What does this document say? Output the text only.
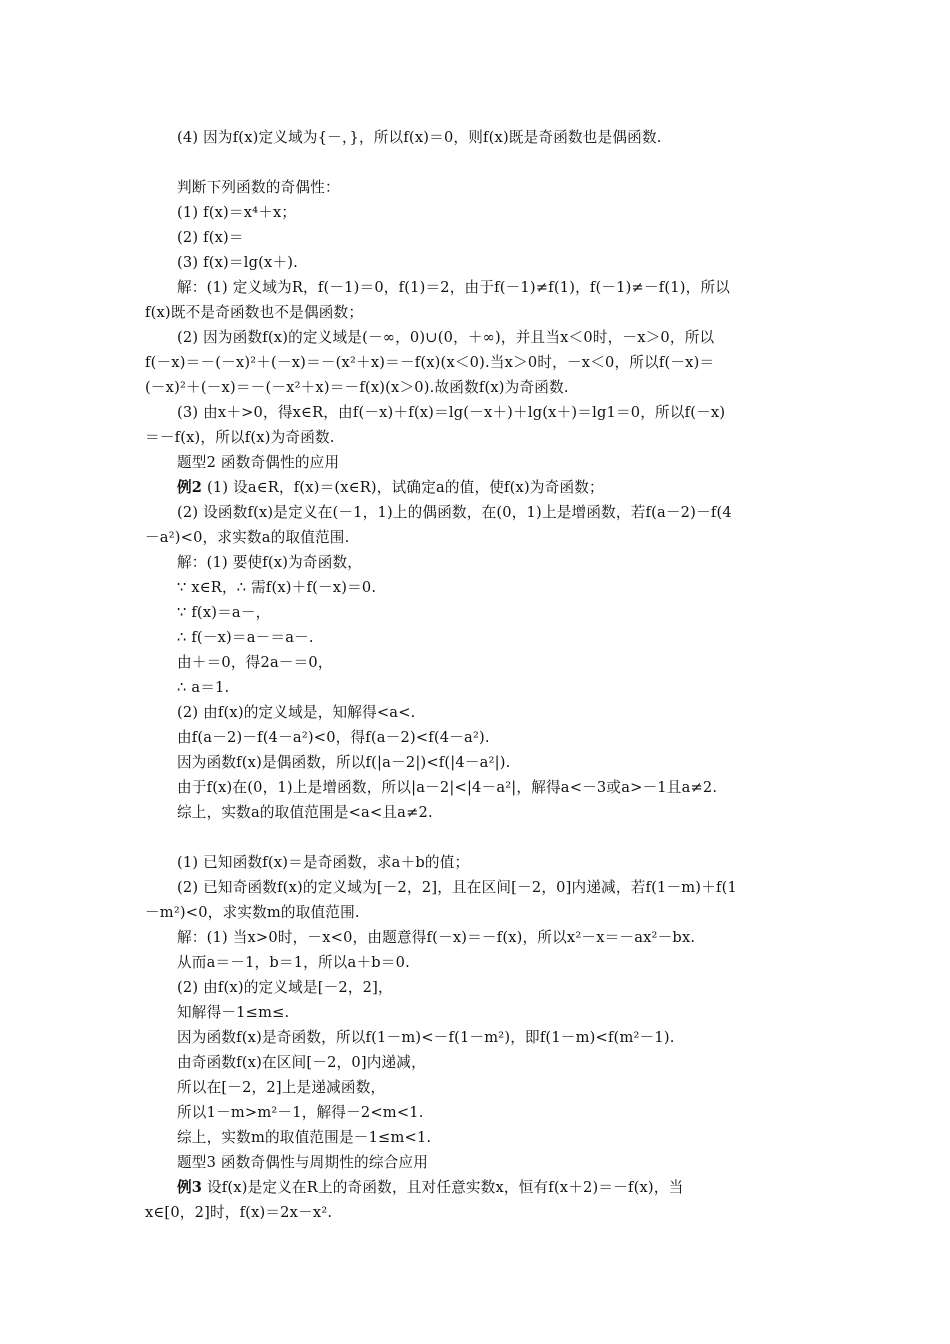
(4) 因为f(x)定义域为{－，}，所以f(x)＝0，则f(x)既是奇函数也是偶函数.
判断下列函数的奇偶性：
(1) f(x)＝x⁴＋x；
(2) f(x)＝
(3) f(x)＝lg(x＋).
解：(1) 定义域为R，f(－1)＝0，f(1)＝2，由于f(－1)≠f(1)，f(－1)≠－f(1)，所以
f(x)既不是奇函数也不是偶函数；
(2) 因为函数f(x)的定义域是(－∞，0)∪(0，＋∞)，并且当x＜0时，－x＞0，所以
f(－x)＝－(－x)²＋(－x)＝－(x²＋x)＝－f(x)(x＜0).当x＞0时，－x＜0，所以f(－x)＝
(－x)²＋(－x)＝－(－x²＋x)＝－f(x)(x＞0).故函数f(x)为奇函数.
(3) 由x＋>0，得x∈R，由f(－x)＋f(x)＝lg(－x＋)＋lg(x＋)＝lg1＝0，所以f(－x)
＝－f(x)，所以f(x)为奇函数.
题型2 函数奇偶性的应用
例2 (1) 设a∈R，f(x)＝(x∈R)，试确定a的值，使f(x)为奇函数；
(2) 设函数f(x)是定义在(－1，1)上的偶函数，在(0，1)上是增函数，若f(a－2)－f(4
－a²)<0，求实数a的取值范围.
解：(1) 要使f(x)为奇函数，
∵ x∈R，∴ 需f(x)＋f(－x)＝0.
∵ f(x)＝a－，
∴ f(－x)＝a－＝a－.
由＋＝0，得2a－＝0，
∴ a＝1.
(2) 由f(x)的定义域是，知解得<a<.
由f(a－2)－f(4－a²)<0，得f(a－2)<f(4－a²).
因为函数f(x)是偶函数，所以f(|a－2|)<f(|4－a²|).
由于f(x)在(0，1)上是增函数，所以|a－2|<|4－a²|，解得a<－3或a>－1且a≠2.
综上，实数a的取值范围是<a<且a≠2.
(1) 已知函数f(x)＝是奇函数，求a＋b的值；
(2) 已知奇函数f(x)的定义域为[－2，2]，且在区间[－2，0]内递减，若f(1－m)＋f(1
－m²)<0，求实数m的取值范围.
解：(1) 当x>0时，－x<0，由题意得f(－x)＝－f(x)，所以x²－x＝－ax²－bx.
从而a＝－1，b＝1，所以a＋b＝0.
(2) 由f(x)的定义域是[－2，2]，
知解得－1≤m≤.
因为函数f(x)是奇函数，所以f(1－m)<－f(1－m²)，即f(1－m)<f(m²－1).
由奇函数f(x)在区间[－2，0]内递减，
所以在[－2，2]上是递减函数，
所以1－m>m²－1，解得－2<m<1.
综上，实数m的取值范围是－1≤m<1.
题型3 函数奇偶性与周期性的综合应用
例3 设f(x)是定义在R上的奇函数，且对任意实数x，恒有f(x＋2)＝－f(x)，当
x∈[0，2]时，f(x)＝2x－x².
